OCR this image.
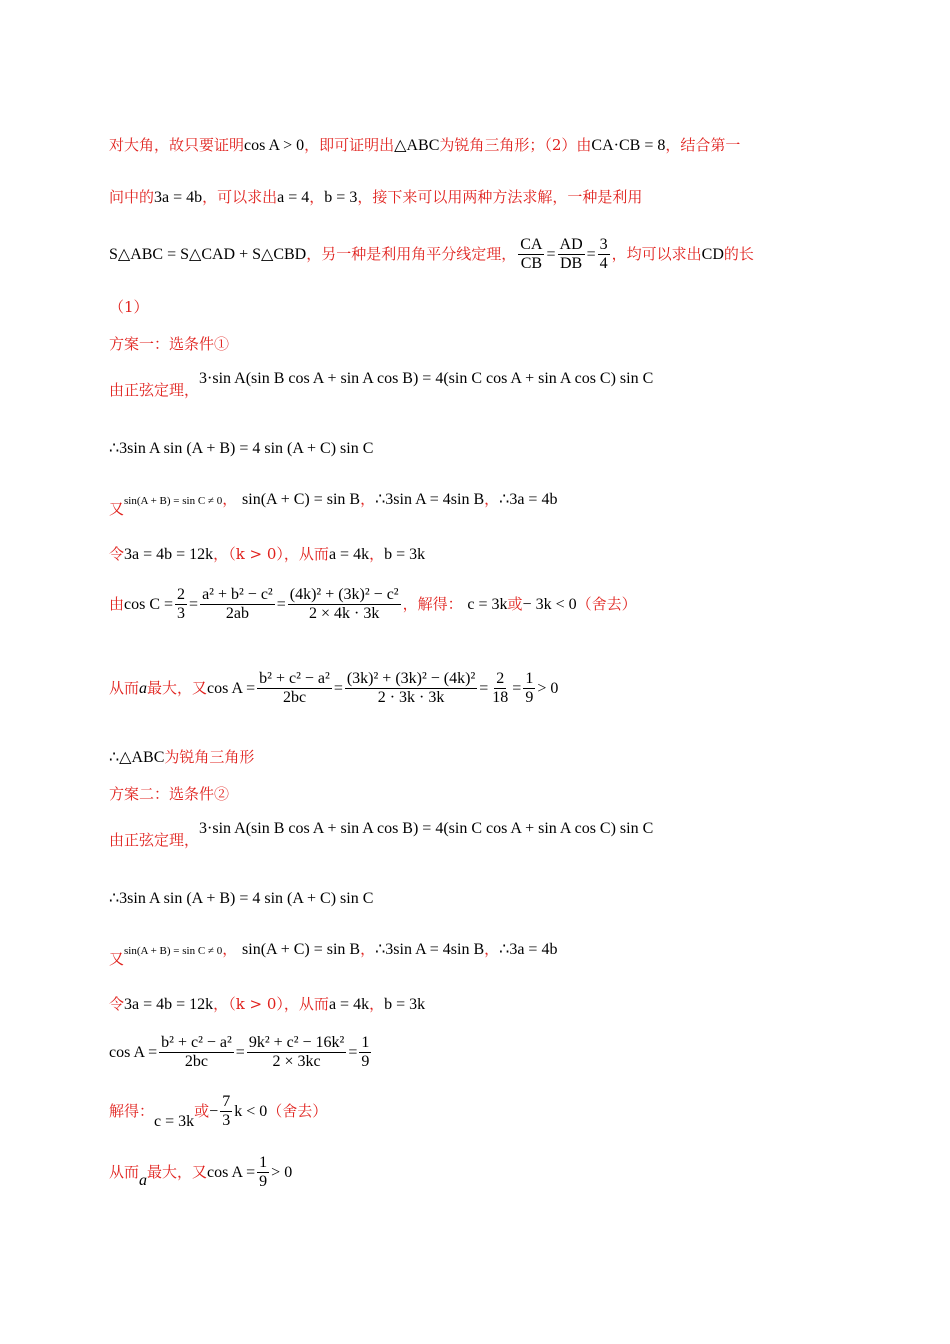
对大角，故只要证明cos A > 0，即可证明出△ABC为锐角三角形；（2）由CA·CB = 8，结合第一
问中的3a = 4b，可以求出a = 4，b = 3，接下来可以用两种方法求解，一种是利用
S△ABC = S△CAD + S△CBD，另一种是利用角平分线定理， $\frac{CA}{CB} = \frac{AD}{DB} = \frac{3}{4}$ ，均可以求出CD的长
（1）
方案一：选条件①
由正弦定理，3·sin A(sin B cos A + sin A cos B) = 4(sin C cos A + sin A cos C) sin C
∴3sin A sin (A + B) = 4 sin (A + C) sin C
又sin(A + B) = sin C ≠ 0， sin(A + C) = sin B，∴3sin A = 4sin B，∴3a = 4b
令3a = 4b = 12k，（k > 0），从而a = 4k，b = 3k
由$\cos C = \frac{2}{3} = \frac{\text{a² + b² − c²}}{2ab} = \frac{\text{(4k)² + (3k)² − c²}}{2 \times 4k \cdot 3k}$ ，解得： c = 3k或− 3k < 0（舍去）
从而a最大，又$\cos A = \frac{\text{b² + c² − a²}}{2bc} = \frac{\text{(3k)² + (3k)² − (4k)²}}{2 \cdot 3k \cdot 3k} = \frac{2}{18} = \frac{1}{9} > 0$
∴△ABC为锐角三角形
方案二：选条件②
由正弦定理，3·sin A(sin B cos A + sin A cos B) = 4(sin C cos A + sin A cos C) sin C
∴3sin A sin (A + B) = 4 sin (A + C) sin C
又sin(A + B) = sin C ≠ 0， sin(A + C) = sin B，∴3sin A = 4sin B，∴3a = 4b
令3a = 4b = 12k，（k > 0），从而a = 4k，b = 3k
$\cos A = \frac{\text{b² + c² − a²}}{2bc} = \frac{\text{9k² + c² − 16k²}}{2 \times 3kc} = \frac{1}{9}$
解得：c = 3k或− $\frac{7}{3}$ k < 0（舍去）
从而a最大，又$\cos A = \frac{1}{9} > 0$
